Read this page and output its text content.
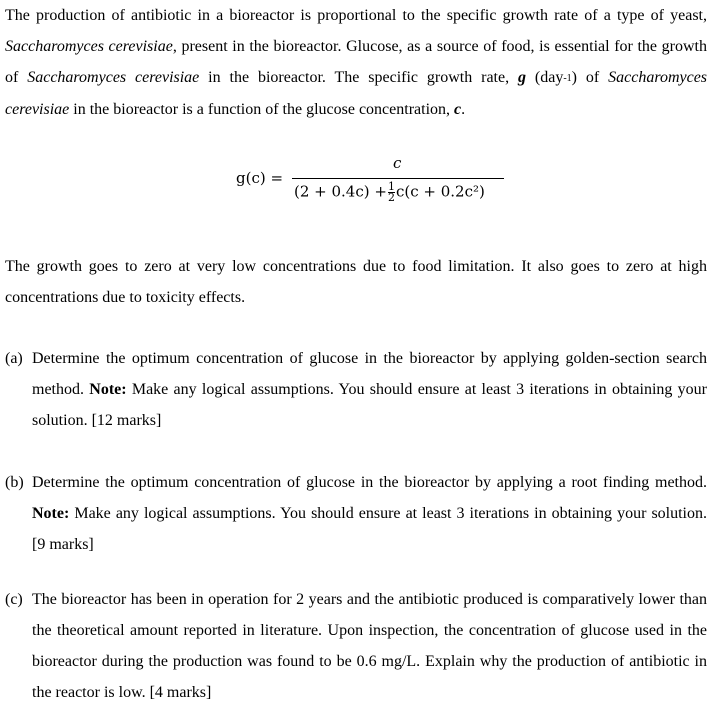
The production of antibiotic in a bioreactor is proportional to the specific growth rate of a type of yeast, Saccharomyces cerevisiae, present in the bioreactor. Glucose, as a source of food, is essential for the growth of Saccharomyces cerevisiae in the bioreactor. The specific growth rate, g (day$_{-1}$) of Saccharomyces cerevisiae in the bioreactor is a function of the glucose concentration, c.

g(c) =
c
$(2 + 0.4c) + \frac{1}{2} c(c + 0.2c^2)$

The growth goes to zero at very low concentrations due to food limitation. It also goes to zero at high concentrations due to toxicity effects.

(a) Determine the optimum concentration of glucose in the bioreactor by applying golden-section search method. Note: Make any logical assumptions. You should ensure at least 3 iterations in obtaining your solution. [12 marks]

(b) Determine the optimum concentration of glucose in the bioreactor by applying a root finding method. Note: Make any logical assumptions. You should ensure at least 3 iterations in obtaining your solution. [9 marks]

(c) The bioreactor has been in operation for 2 years and the antibiotic produced is comparatively lower than the theoretical amount reported in literature. Upon inspection, the concentration of glucose used in the bioreactor during the production was found to be 0.6 mg/L. Explain why the production of antibiotic in the reactor is low. [4 marks]
